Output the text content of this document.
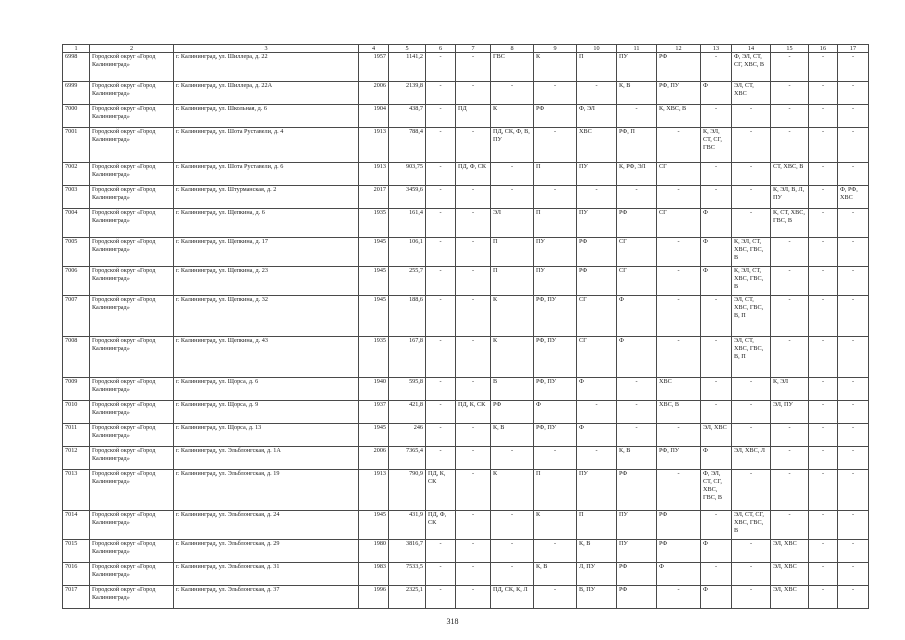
1	2	3	4	5	6	7	8	9	10	11	12	13	14	15	16	17
6998	Городской округ «Город Калининград»	г. Калининград, ул. Шиллера, д. 22	1957	1141,2	-	-	ГВС	К	П	ПУ	РФ	-	Ф, ЭЛ, СТ, СГ, ХВС, В	-	-	-
6999	Городской округ «Город Калининград»	г. Калининград, ул. Шиллера, д. 22А	2006	2139,8	-	-	-	-	-	К, В	РФ, ПУ	Ф	ЭЛ, СТ, ХВС	-	-	-
7000	Городской округ «Город Калининград»	г. Калининград, ул. Школьная, д. 6	1904	438,7	-	ПД	К	РФ	Ф, ЭЛ	-	К, ХВС, В	-	-	-	-	-
7001	Городской округ «Город Калининград»	г. Калининград, ул. Шота Руставели, д. 4	1913	788,4	-	-	ПД, СК, Ф, В, ПУ	-	ХВС	РФ, П	-	К, ЭЛ, СТ, СГ, ГВС	-	-	-	-
7002	Городской округ «Город Калининград»	г. Калининград, ул. Шота Руставели, д. 6	1913	903,75	-	ПД, Ф, СК	-	П	ПУ	К, РФ, ЭЛ	СГ	-	-	СТ, ХВС, В	-	-
7003	Городской округ «Город Калининград»	г. Калининград, ул. Штурманская, д. 2	2017	3459,6	-	-	-	-	-	-	-	-	-	К, ЭЛ, В, Л, ПУ	-	Ф, РФ, ХВС
7004	Городской округ «Город Калининград»	г. Калининград, ул. Щепкина, д. 6	1935	161,4	-	-	ЭЛ	П	ПУ	РФ	СГ	Ф	-	К, СТ, ХВС, ГВС, В	-	-
7005	Городской округ «Город Калининград»	г. Калининград, ул. Щепкина, д. 17	1945	106,1	-	-	П	ПУ	РФ	СГ	-	Ф	К, ЭЛ, СТ, ХВС, ГВС, В	-	-	-
7006	Городской округ «Город Калининград»	г. Калининград, ул. Щепкина, д. 23	1945	255,7	-	-	П	ПУ	РФ	СГ	-	Ф	К, ЭЛ, СТ, ХВС, ГВС, В	-	-	-
7007	Городской округ «Город Калининград»	г. Калининград, ул. Щепкина, д. 32	1945	188,6	-	-	К	РФ, ПУ	СГ	Ф	-	-	ЭЛ, СТ, ХВС, ГВС, В, П	-	-	-
7008	Городской округ «Город Калининград»	г. Калининград, ул. Щепкина, д. 43	1935	167,8	-	-	К	РФ, ПУ	СГ	Ф	-	-	ЭЛ, СТ, ХВС, ГВС, В, П	-	-	-
7009	Городской округ «Город Калининград»	г. Калининград, ул. Щорса, д. 6	1940	595,8	-	-	В	РФ, ПУ	Ф	-	ХВС	-	-	К, ЭЛ	-	-
7010	Городской округ «Город Калининград»	г. Калининград, ул. Щорса, д. 9	1937	421,8	-	ПД, К, СК	РФ	Ф	-	-	ХВС, В	-	-	ЭЛ, ПУ	-	-
7011	Городской округ «Город Калининград»	г. Калининград, ул. Щорса, д. 13	1945	246	-	-	К, В	РФ, ПУ	Ф	-	-	ЭЛ, ХВС	-	-	-	-
7012	Городской округ «Город Калининград»	г. Калининград, ул. Эльблонгская, д. 1А	2006	7365,4	-	-	-	-	-	К, В	РФ, ПУ	Ф	ЭЛ, ХВС, Л	-	-	-
7013	Городской округ «Город Калининград»	г. Калининград, ул. Эльблонгская, д. 19	1913	790,9	ПД, К, СК	-	К	П	ПУ	РФ	-	Ф, ЭЛ, СТ, СГ, ХВС, ГВС, В	-	-	-	-
7014	Городской округ «Город Калининград»	г. Калининград, ул. Эльблонгская, д. 24	1945	431,9	ПД, Ф, СК	-	-	К	П	ПУ	РФ	-	ЭЛ, СТ, СГ, ХВС, ГВС, В	-	-	-
7015	Городской округ «Город Калининград»	г. Калининград, ул. Эльблонгская, д. 29	1980	3816,7	-	-	-	-	К, В	ПУ	РФ	Ф	-	ЭЛ, ХВС	-	-
7016	Городской округ «Город Калининград»	г. Калининград, ул. Эльблонгская, д. 31	1983	7533,5	-	-	-	К, В	Л, ПУ	РФ	Ф	-	-	ЭЛ, ХВС	-	-
7017	Городской округ «Город Калининград»	г. Калининград, ул. Эльблонгская, д. 37	1996	2325,1	-	-	ПД, СК, К, Л	-	В, ПУ	РФ	-	Ф	-	ЭЛ, ХВС	-	-
318
